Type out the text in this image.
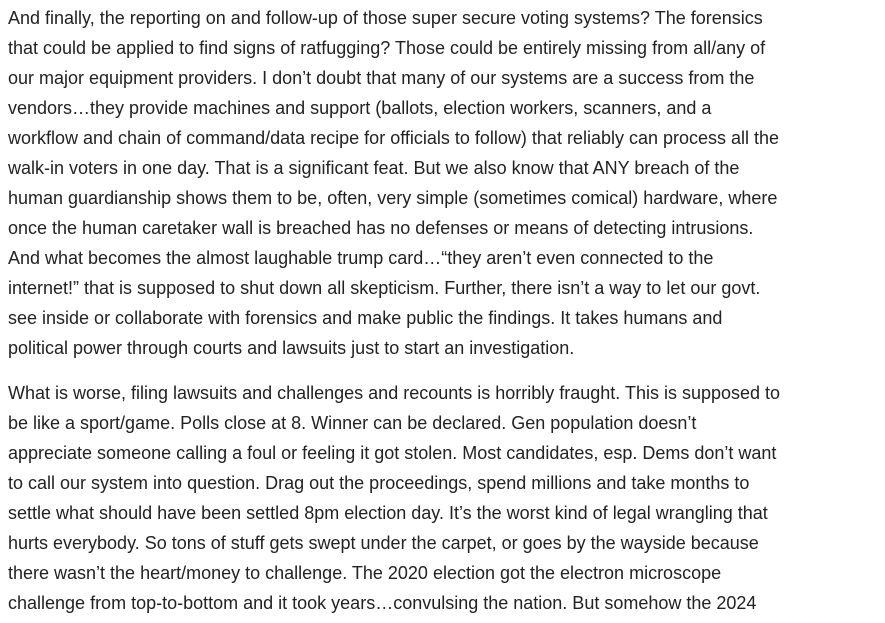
And finally, the reporting on and follow-up of those super secure voting systems? The forensics
that could be applied to find signs of ratfugging? Those could be entirely missing from all/any of
our major equipment providers. I don’t doubt that many of our systems are a success from the
vendors…they provide machines and support (ballots, election workers, scanners, and a
workflow and chain of command/data recipe for officials to follow) that reliably can process all the
walk-in voters in one day. That is a significant feat. But we also know that ANY breach of the
human guardianship shows them to be, often, very simple (sometimes comical) hardware, where
once the human caretaker wall is breached has no defenses or means of detecting intrusions.
And what becomes the almost laughable trump card…“they aren’t even connected to the
internet!” that is supposed to shut down all skepticism. Further, there isn’t a way to let our govt.
see inside or collaborate with forensics and make public the findings. It takes humans and
political power through courts and lawsuits just to start an investigation.

What is worse, filing lawsuits and challenges and recounts is horribly fraught. This is supposed to
be like a sport/game. Polls close at 8. Winner can be declared. Gen population doesn’t
appreciate someone calling a foul or feeling it got stolen. Most candidates, esp. Dems don’t want
to call our system into question. Drag out the proceedings, spend millions and take months to
settle what should have been settled 8pm election day. It’s the worst kind of legal wrangling that
hurts everybody. So tons of stuff gets swept under the carpet, or goes by the wayside because
there wasn’t the heart/money to challenge. The 2020 election got the electron microscope
challenge from top-to-bottom and it took years…convulsing the nation. But somehow the 2024
